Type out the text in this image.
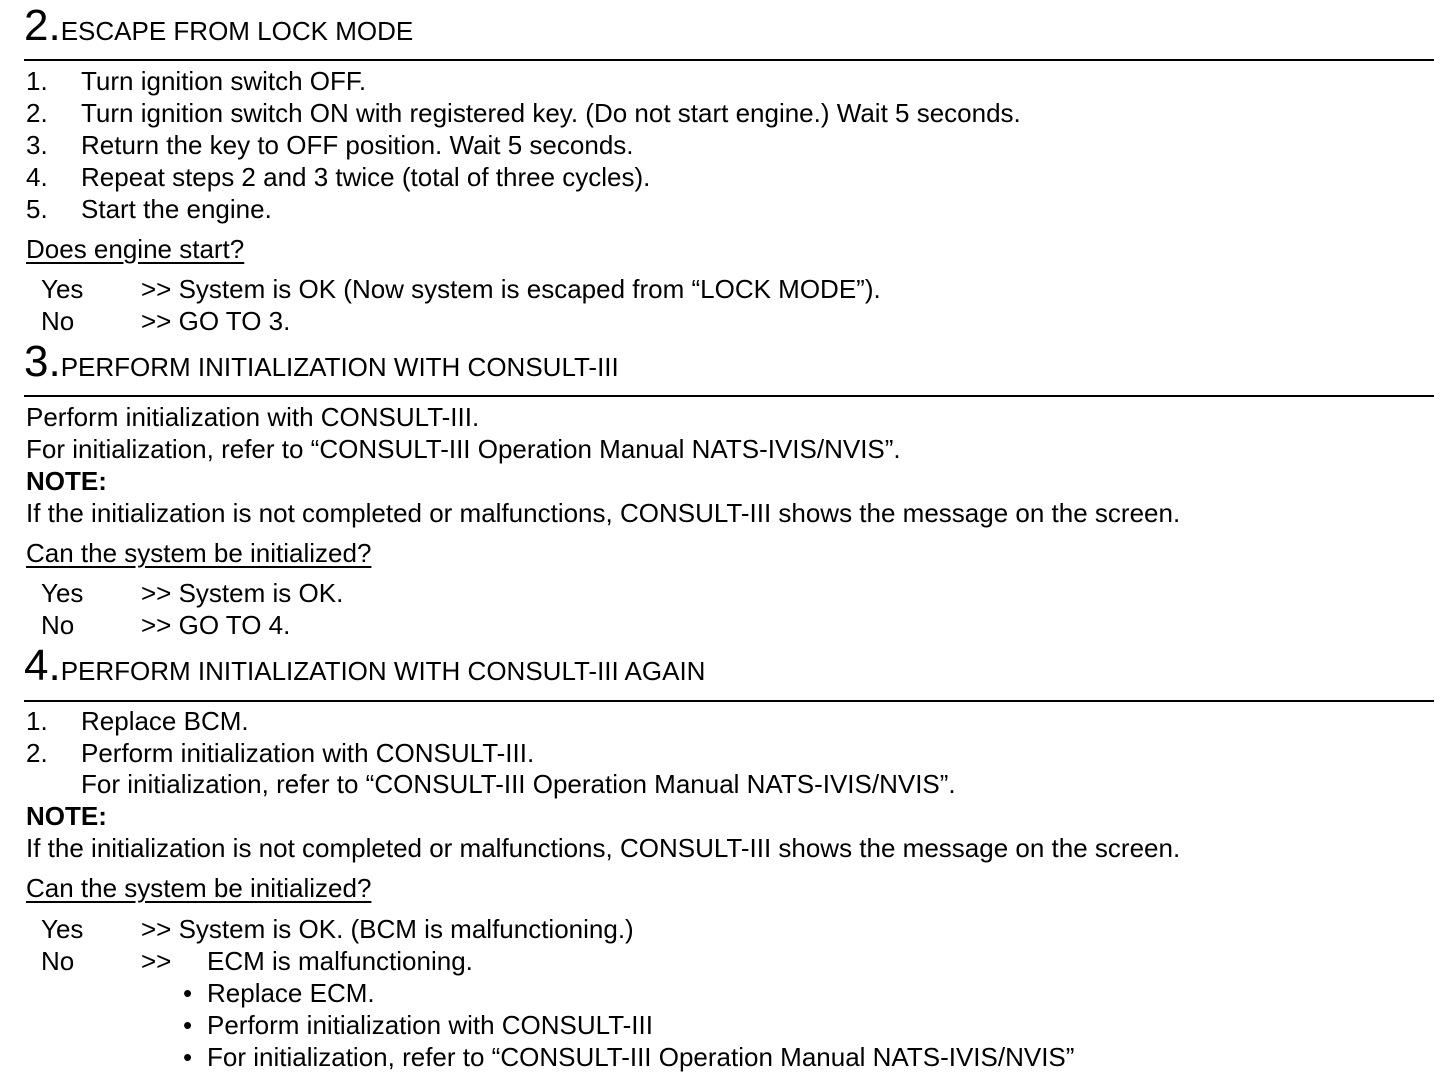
2.ESCAPE FROM LOCK MODE
1. Turn ignition switch OFF.
2. Turn ignition switch ON with registered key. (Do not start engine.) Wait 5 seconds.
3. Return the key to OFF position. Wait 5 seconds.
4. Repeat steps 2 and 3 twice (total of three cycles).
5. Start the engine.
Does engine start?
Yes >> System is OK (Now system is escaped from “LOCK MODE”).
No	>> GO TO 3.
3.PERFORM INITIALIZATION WITH CONSULT-III
Perform initialization with CONSULT-III.
For initialization, refer to “CONSULT-III Operation Manual NATS-IVIS/NVIS”.
NOTE:
If the initialization is not completed or malfunctions, CONSULT-III shows the message on the screen.
Can the system be initialized?
Yes >> System is OK.
No	>> GO TO 4.
4.PERFORM INITIALIZATION WITH CONSULT-III AGAIN
1. Replace BCM.
2. Perform initialization with CONSULT-III.
For initialization, refer to “CONSULT-III Operation Manual NATS-IVIS/NVIS”.
NOTE:
If the initialization is not completed or malfunctions, CONSULT-III shows the message on the screen.
Can the system be initialized?
Yes >> System is OK. (BCM is malfunctioning.)
No	>> ECM is malfunctioning.
• Replace ECM.
• Perform initialization with CONSULT-III
• For initialization, refer to “CONSULT-III Operation Manual NATS-IVIS/NVIS”
